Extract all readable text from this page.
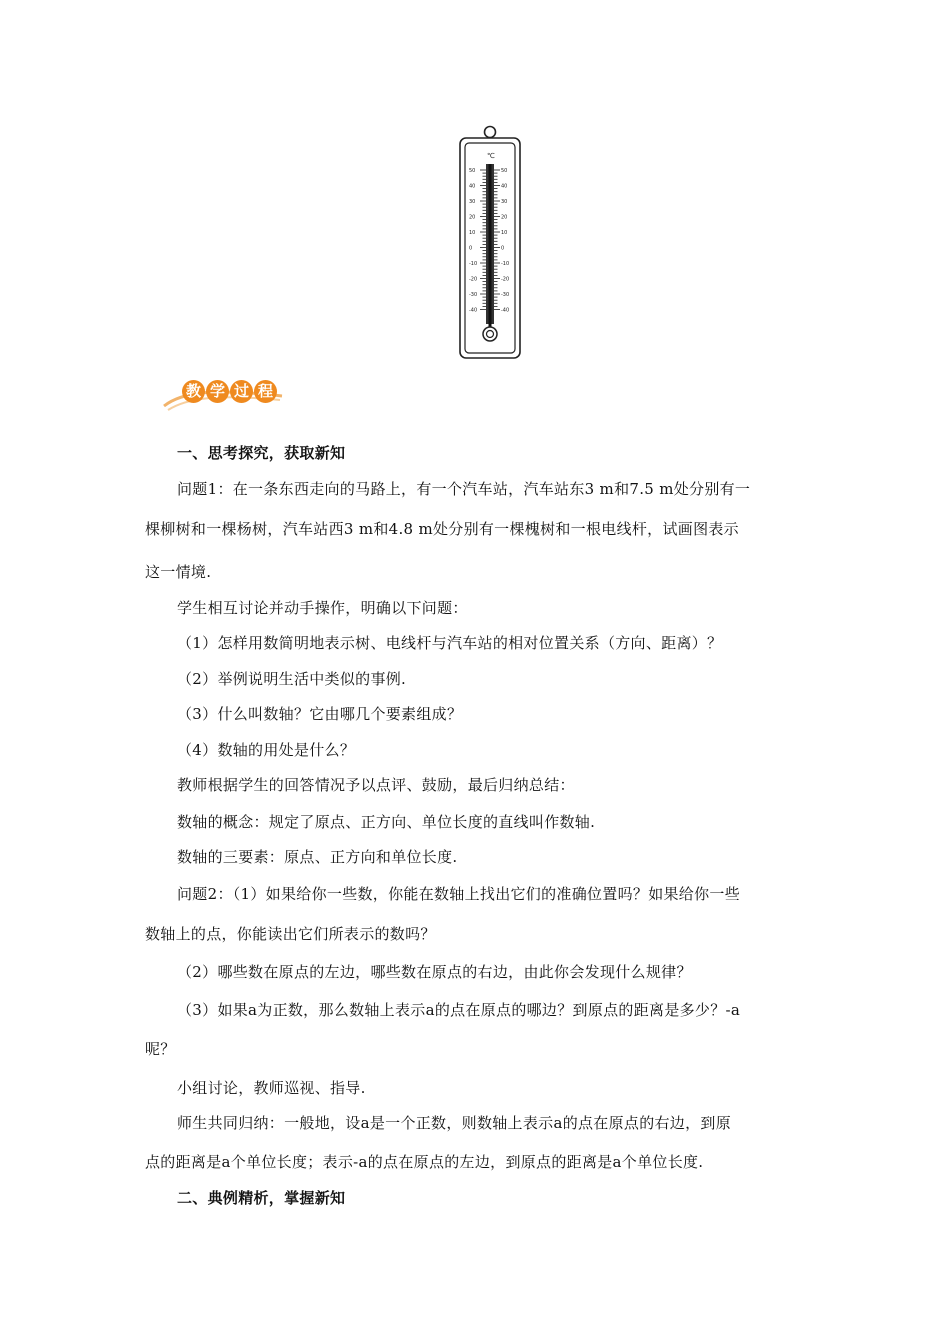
℃
50	50
40	40
30	30
20	20
10	10
0	0
-10	-10
-20	-20
-30	-30
-40	-40
教 学 过 程

一、思考探究，获取新知

问题1：在一条东西走向的马路上，有一个汽车站，汽车站东3 m和7.5 m处分别有一

棵柳树和一棵杨树，汽车站西3 m和4.8 m处分别有一棵槐树和一根电线杆，试画图表示

这一情境.

学生相互讨论并动手操作，明确以下问题：

（1）怎样用数简明地表示树、电线杆与汽车站的相对位置关系（方向、距离）？

（2）举例说明生活中类似的事例.

（3）什么叫数轴？它由哪几个要素组成？

（4）数轴的用处是什么？

教师根据学生的回答情况予以点评、鼓励，最后归纳总结：

数轴的概念：规定了原点、正方向、单位长度的直线叫作数轴.

数轴的三要素：原点、正方向和单位长度.

问题2：（1）如果给你一些数，你能在数轴上找出它们的准确位置吗？如果给你一些

数轴上的点，你能读出它们所表示的数吗？

（2）哪些数在原点的左边，哪些数在原点的右边，由此你会发现什么规律？

（3）如果a为正数，那么数轴上表示a的点在原点的哪边？到原点的距离是多少？-a

呢？

小组讨论，教师巡视、指导.

师生共同归纳：一般地，设a是一个正数，则数轴上表示a的点在原点的右边，到原

点的距离是a个单位长度；表示-a的点在原点的左边，到原点的距离是a个单位长度.

二、典例精析，掌握新知
